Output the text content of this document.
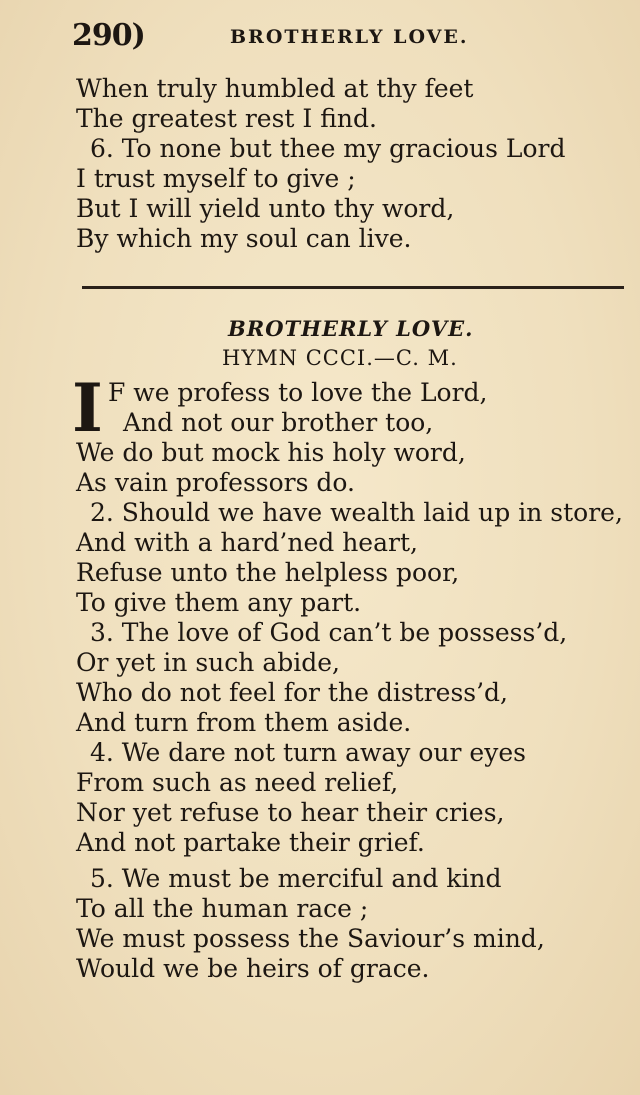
290)	BROTHERLY LOVE.
When truly humbled at thy feet
The greatest rest I find.
6. To none but thee my gracious Lord
I trust myself to give ;
But I will yield unto thy word,
By which my soul can live.
BROTHERLY LOVE.
HYMN CCCI.—C. M.
I F we profess to love the Lord,
And not our brother too,
We do but mock his holy word,
As vain professors do.
2. Should we have wealth laid up in store,
And with a hard’ned heart,
Refuse unto the helpless poor,
To give them any part.
3. The love of God can’t be possess’d,
Or yet in such abide,
Who do not feel for the distress’d,
And turn from them aside.
4. We dare not turn away our eyes
From such as need relief,
Nor yet refuse to hear their cries,
And not partake their grief.
5. We must be merciful and kind
To all the human race ;
We must possess the Saviour’s mind,
Would we be heirs of grace.
